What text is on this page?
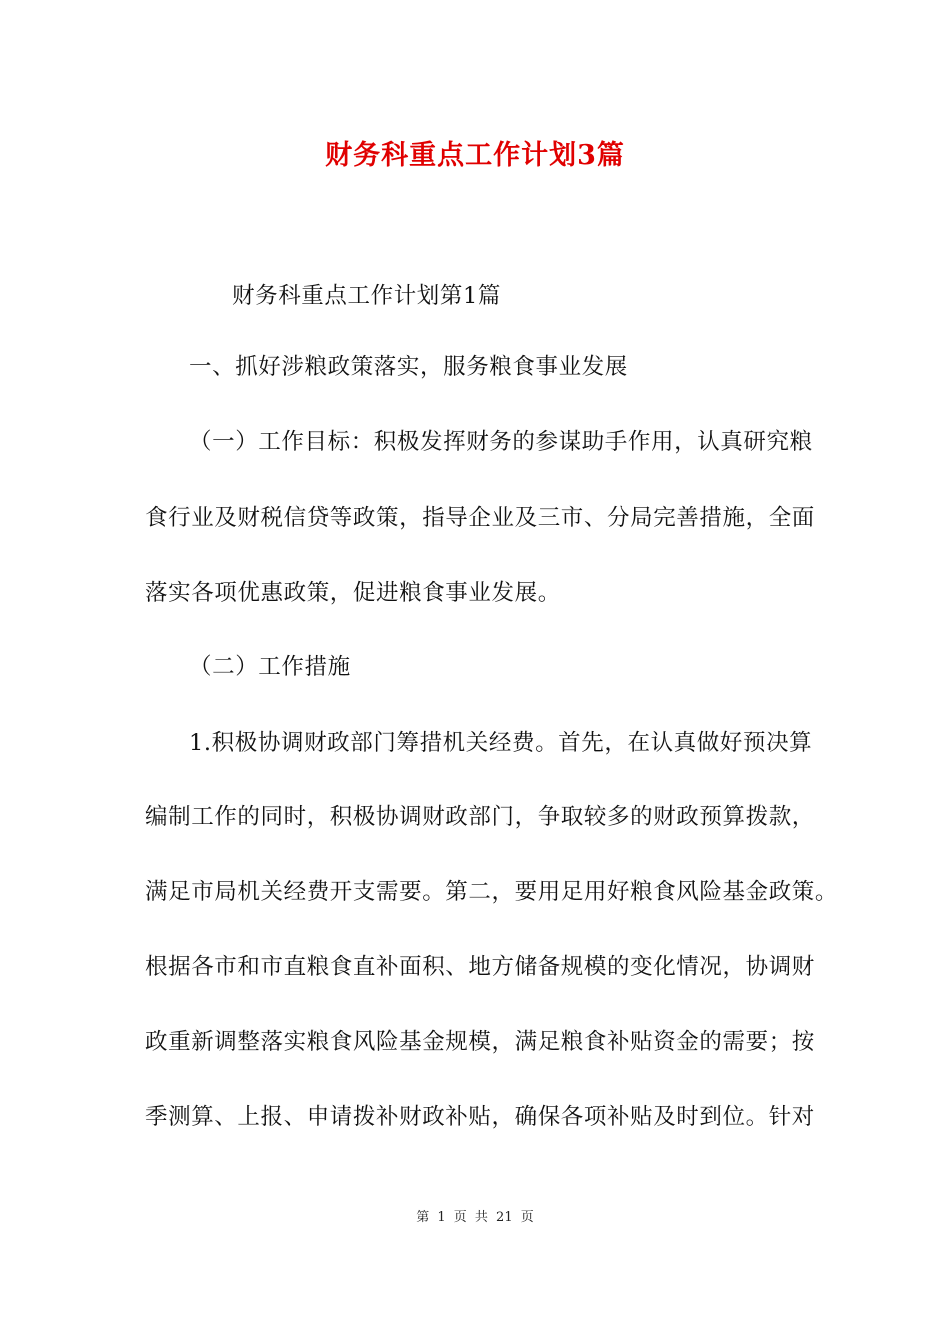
财务科重点工作计划3篇
财务科重点工作计划第1篇
一、抓好涉粮政策落实，服务粮食事业发展
（一）工作目标：积极发挥财务的参谋助手作用，认真研究粮
食行业及财税信贷等政策，指导企业及三市、分局完善措施，全面
落实各项优惠政策，促进粮食事业发展。
（二）工作措施
1.积极协调财政部门筹措机关经费。首先，在认真做好预决算
编制工作的同时，积极协调财政部门，争取较多的财政预算拨款，
满足市局机关经费开支需要。第二，要用足用好粮食风险基金政策。
根据各市和市直粮食直补面积、地方储备规模的变化情况，协调财
政重新调整落实粮食风险基金规模，满足粮食补贴资金的需要；按
季测算、上报、申请拨补财政补贴，确保各项补贴及时到位。针对
第 1 页 共 21 页
